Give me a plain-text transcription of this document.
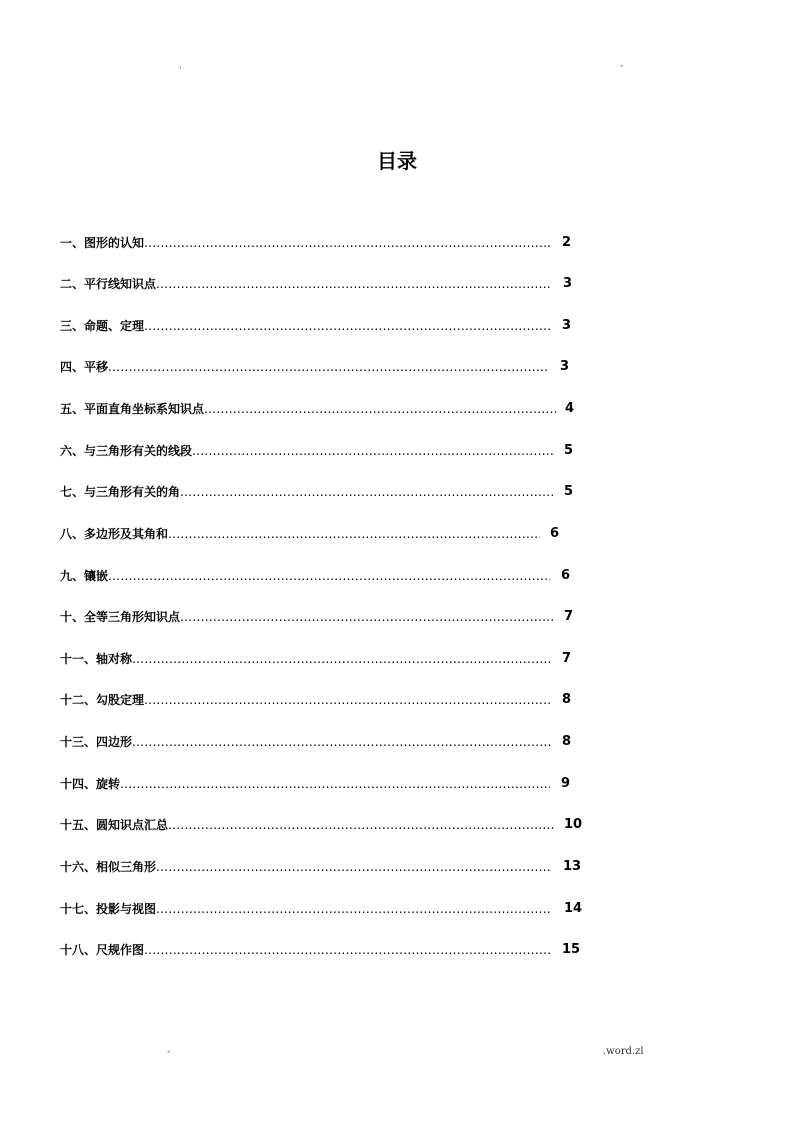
.	-
目录
一、图形的认知 .....	2
二、平行线知识点 .....	3
三、命题、定理 .....	3
四、平移 .....	3
五、平面直角坐标系知识点 .....	4
六、与三角形有关的线段 .....	5
七、与三角形有关的角 .....	5
八、多边形及其角和 .....	6
九、镶嵌 .....	6
十、全等三角形知识点 .....	7
十一、轴对称 .....	7
十二、勾股定理 .....	8
十三、四边形 .....	8
十四、旋转 .....	9
十五、圆知识点汇总 .....	10
十六、相似三角形 .....	13
十七、投影与视图 .....	14
十八、尺规作图 .....	15
-	.word.zl
